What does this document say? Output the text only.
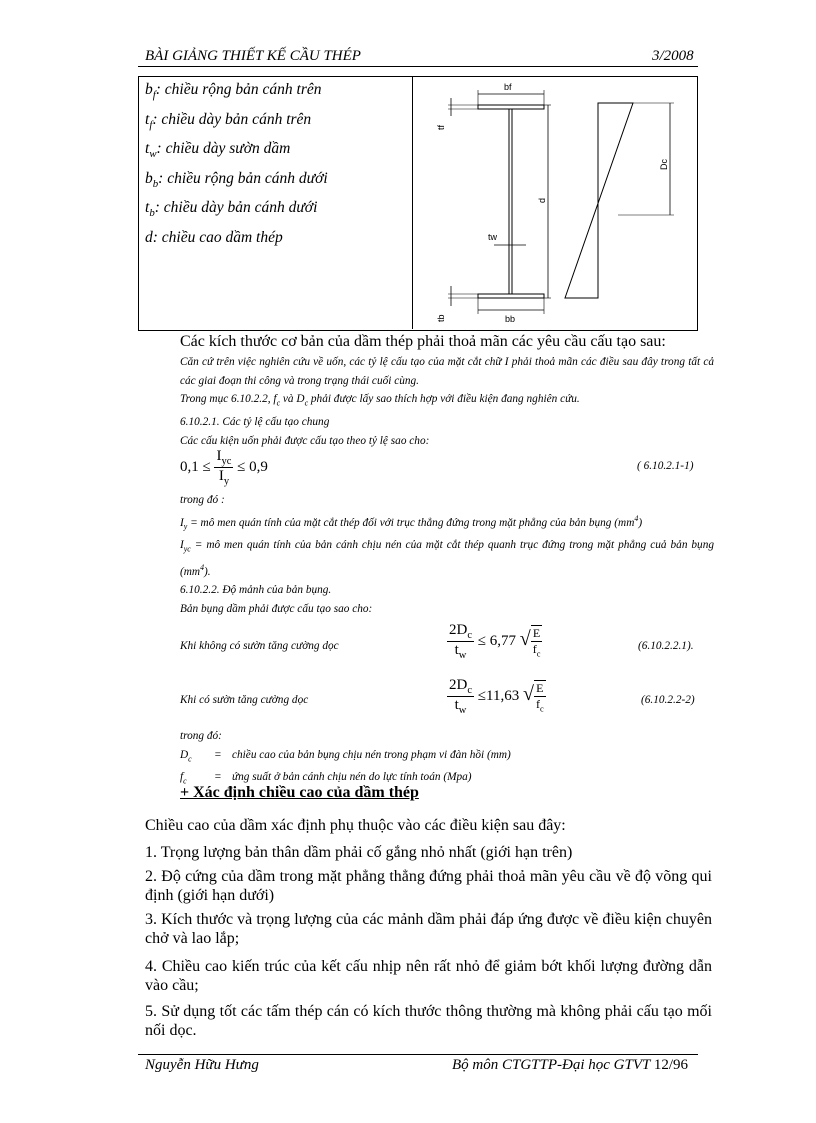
BÀI GIẢNG THIẾT KẾ CẦU THÉP	3/2008
$b_f$: chiều rộng bản cánh trên
$t_f$: chiều dày bản cánh trên
$t_w$: chiều dày sườn dầm
$b_b$: chiều rộng bản cánh dưới
$t_b$: chiều dày bản cánh dưới
d: chiều cao dầm thép
bf
tf
d
tw
tb	bb
Dc
Các kích thước cơ bản của dầm thép phải thoả mãn các yêu cầu cấu tạo sau:
Căn cứ trên việc nghiên cứu về uốn, các tỷ lệ cấu tạo của mặt cắt chữ I phải thoả mãn các điều sau đây trong tất cả các giai đoạn thi công và trong trạng thái cuối cùng.
Trong mục 6.10.2.2, $f_c$ và $D_c$ phải được lấy sao thích hợp với điều kiện đang nghiên cứu.
6.10.2.1. Các tỷ lệ cấu tạo chung
Các cấu kiện uốn phải được cấu tạo theo tỷ lệ sao cho:
$0,1 \le \frac{I_{yc}}{I_y} \le 0,9$	( 6.10.2.1-1)
trong đó :
$I_y$ = mô men quán tính của mặt cắt thép đối với trục thẳng đứng trong mặt phẳng của bản bụng $(mm^4)$
$I_{yc}$ = mô men quán tính của bản cánh chịu nén của mặt cắt thép quanh trục đứng trong mặt phẳng cuả bản bụng $(mm^4)$.
6.10.2.2. Độ mảnh của bản bụng.
Bản bụng dầm phải được cấu tạo sao cho:
Khi không có sườn tăng cường dọc	$\frac{2D_c}{t_w} \le 6,77$ √ $\frac{E}{f_c}$	(6.10.2.2.1).
Khi có sườn tăng cường dọc	$\frac{2D_c}{t_w} \le 11,63$ √ $\frac{E}{f_c}$	(6.10.2.2-2)
trong đó:
$D_c$ = chiều cao của bản bụng chịu nén trong phạm vi đàn hồi (mm)
$f_c$ = ứng suất ở bản cánh chịu nén do lực tính toán (Mpa)
+ Xác định chiều cao của dầm thép
Chiều cao của dầm xác định phụ thuộc vào các điều kiện sau đây:
1. Trọng lượng bản thân dầm phải cố gắng nhỏ nhất (giới hạn trên)
2. Độ cứng của dầm trong mặt phẳng thẳng đứng phải thoả mãn yêu cầu về độ võng qui định (giới hạn dưới)
3. Kích thước và trọng lượng của các mảnh dầm phải đáp ứng được về điều kiện chuyên chở và lao lắp;
4. Chiều cao kiến trúc của kết cấu nhịp nên rất nhỏ để giảm bớt khối lượng đường dẫn vào cầu;
5. Sử dụng tốt các tấm thép cán có kích thước thông thường mà không phải cấu tạo mối nối dọc.
Nguyễn Hữu Hưng	Bộ môn CTGTTP-Đại học GTVT 12/96
